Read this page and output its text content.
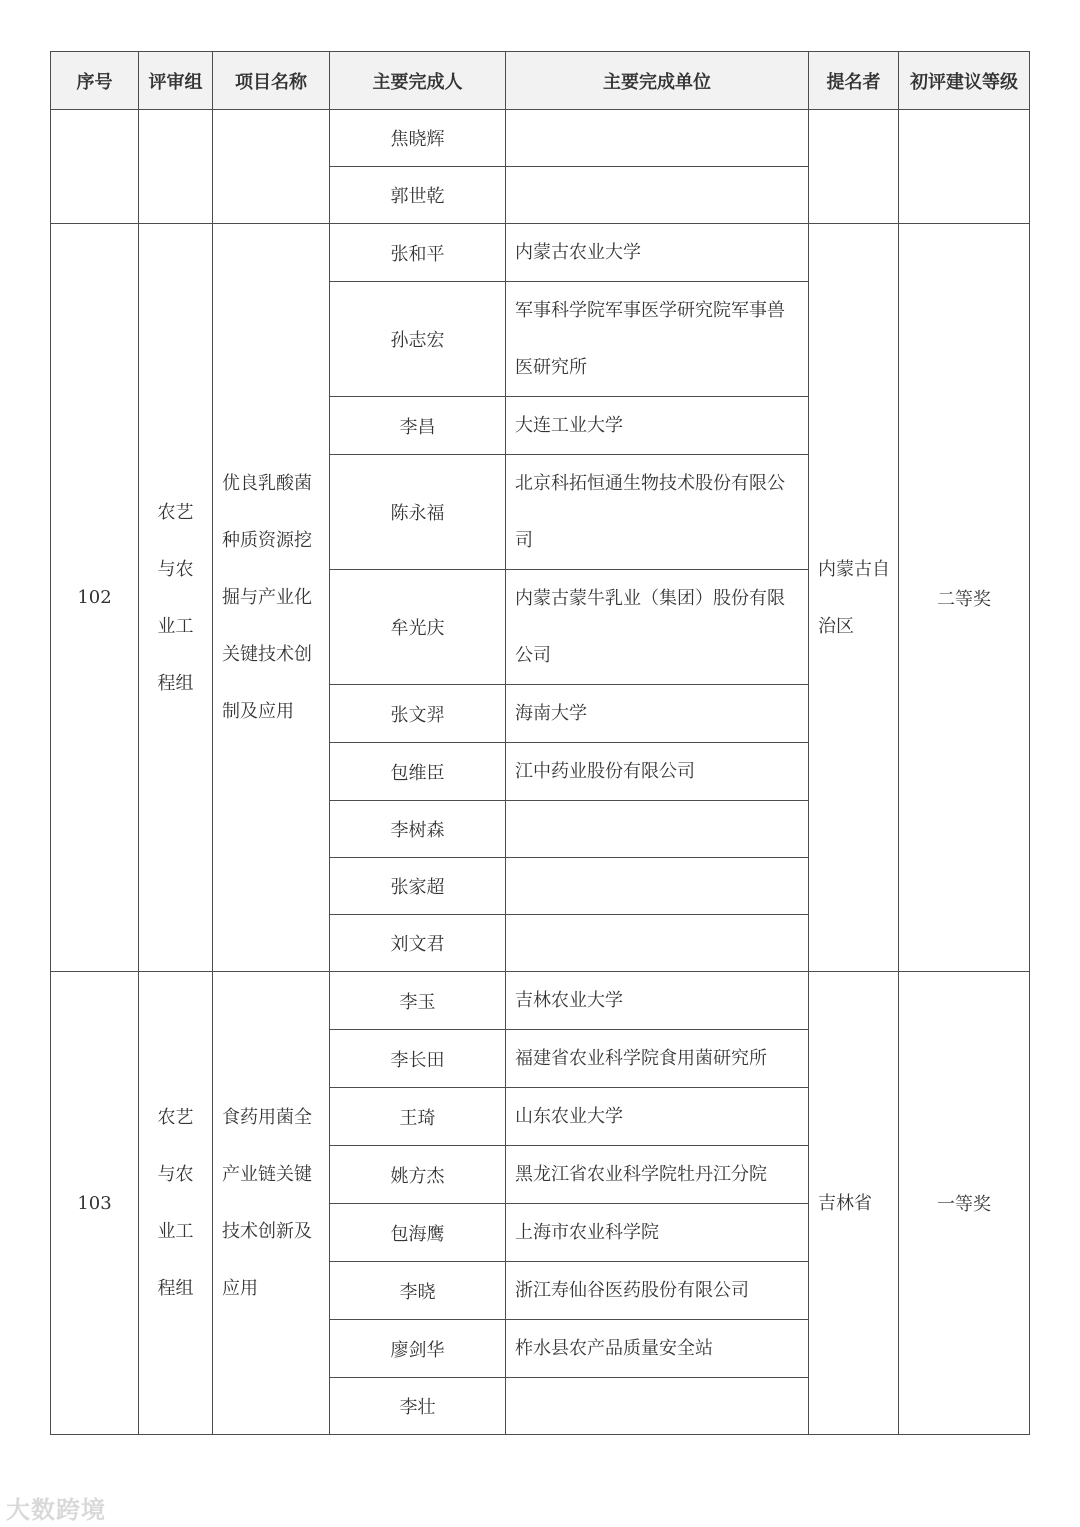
序号	评审组	项目名称	主要完成人	主要完成单位	提名者	初评建议等级
			焦晓辉			
			郭世乾			
102	农艺与农业工程组	优良乳酸菌种质资源挖掘与产业化关键技术创制及应用	张和平	内蒙古农业大学	内蒙古自治区	二等奖
			孙志宏	军事科学院军事医学研究院军事兽医研究所		
			李昌	大连工业大学		
			陈永福	北京科拓恒通生物技术股份有限公司		
			牟光庆	内蒙古蒙牛乳业（集团）股份有限公司		
			张文羿	海南大学		
			包维臣	江中药业股份有限公司		
			李树森			
			张家超			
			刘文君			
103	农艺与农业工程组	食药用菌全产业链关键技术创新及应用	李玉	吉林农业大学	吉林省	一等奖
			李长田	福建省农业科学院食用菌研究所		
			王琦	山东农业大学		
			姚方杰	黑龙江省农业科学院牡丹江分院		
			包海鹰	上海市农业科学院		
			李晓	浙江寿仙谷医药股份有限公司		
			廖剑华	柞水县农产品质量安全站		
			李壮			
大数跨境
